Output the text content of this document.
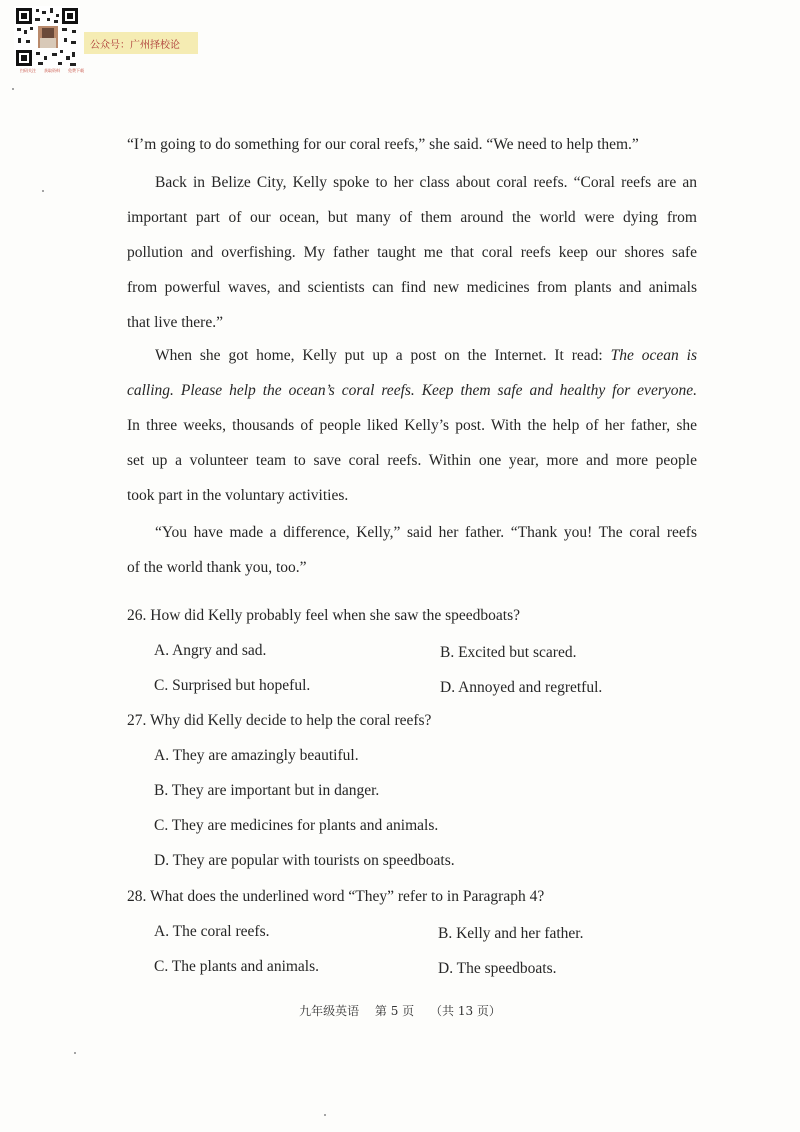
扫码关注 获取资料 免费下载
公众号：广州择校论
“I’m going to do something for our coral reefs,” she said. “We need to help them.”
Back in Belize City, Kelly spoke to her class about coral reefs. “Coral reefs are an
important part of our ocean, but many of them around the world were dying from
pollution and overfishing. My father taught me that coral reefs keep our shores safe
from powerful waves, and scientists can find new medicines from plants and animals
that live there.”
When she got home, Kelly put up a post on the Internet. It read: The ocean is
calling. Please help the ocean’s coral reefs. Keep them safe and healthy for everyone.
In three weeks, thousands of people liked Kelly’s post. With the help of her father, she
set up a volunteer team to save coral reefs. Within one year, more and more people
took part in the voluntary activities.
“You have made a difference, Kelly,” said her father. “Thank you! The coral reefs
of the world thank you, too.”
26. How did Kelly probably feel when she saw the speedboats?
A. Angry and sad.	B. Excited but scared.
C. Surprised but hopeful.	D. Annoyed and regretful.
27. Why did Kelly decide to help the coral reefs?
A. They are amazingly beautiful.
B. They are important but in danger.
C. They are medicines for plants and animals.
D. They are popular with tourists on speedboats.
28. What does the underlined word “They” refer to in Paragraph 4?
A. The coral reefs.	B. Kelly and her father.
C. The plants and animals.	D. The speedboats.
九年级英语 第 5 页 （共 13 页）
